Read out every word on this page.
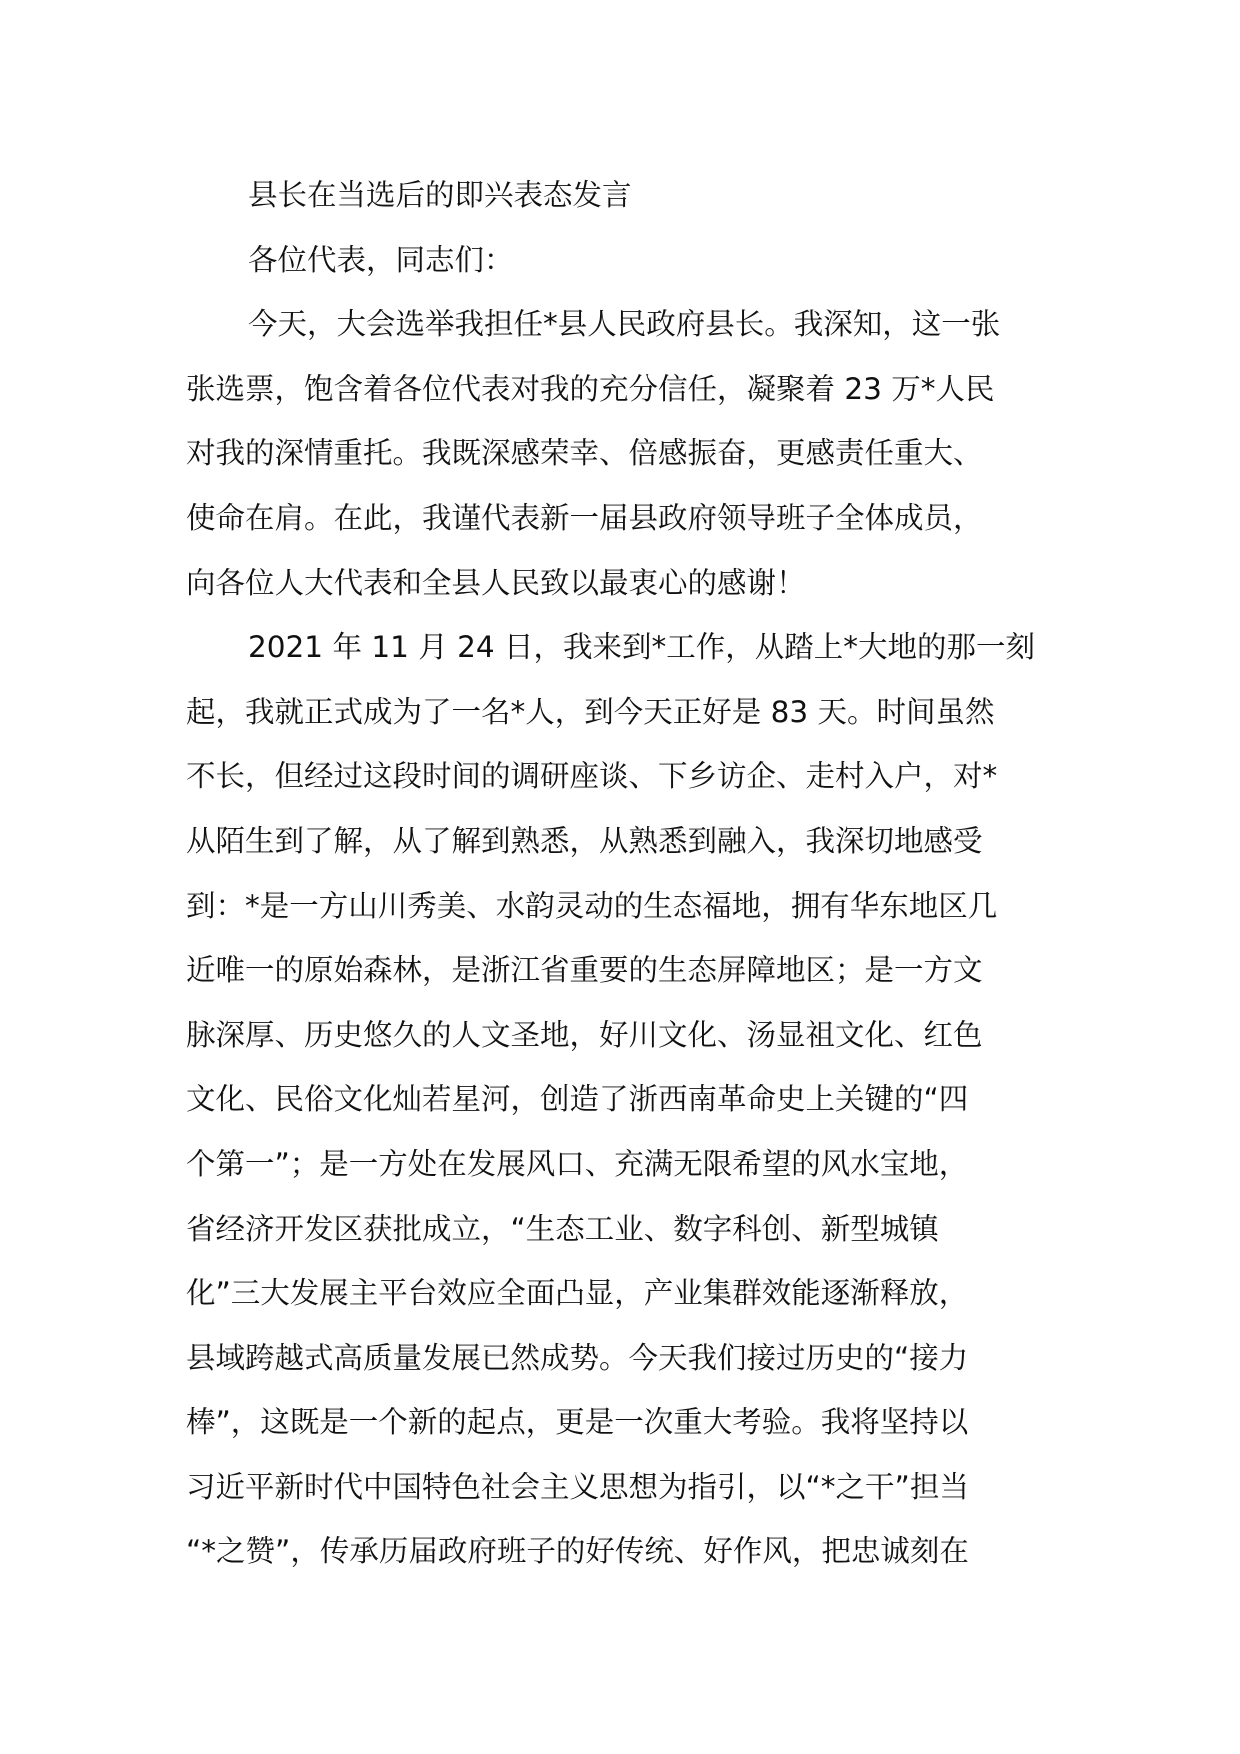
县长在当选后的即兴表态发言
各位代表，同志们：
今天，大会选举我担任*县人民政府县长。我深知，这一张
张选票，饱含着各位代表对我的充分信任，凝聚着 23 万*人民
对我的深情重托。我既深感荣幸、倍感振奋，更感责任重大、
使命在肩。在此，我谨代表新一届县政府领导班子全体成员，
向各位人大代表和全县人民致以最衷心的感谢！
2021 年 11 月 24 日，我来到*工作，从踏上*大地的那一刻
起，我就正式成为了一名*人，到今天正好是 83 天。时间虽然
不长，但经过这段时间的调研座谈、下乡访企、走村入户，对*
从陌生到了解，从了解到熟悉，从熟悉到融入，我深切地感受
到：*是一方山川秀美、水韵灵动的生态福地，拥有华东地区几
近唯一的原始森林，是浙江省重要的生态屏障地区；是一方文
脉深厚、历史悠久的人文圣地，好川文化、汤显祖文化、红色
文化、民俗文化灿若星河，创造了浙西南革命史上关键的“四
个第一”；是一方处在发展风口、充满无限希望的风水宝地，
省经济开发区获批成立，“生态工业、数字科创、新型城镇
化”三大发展主平台效应全面凸显，产业集群效能逐渐释放，
县域跨越式高质量发展已然成势。今天我们接过历史的“接力
棒”，这既是一个新的起点，更是一次重大考验。我将坚持以
习近平新时代中国特色社会主义思想为指引，以“*之干”担当
“*之赞”，传承历届政府班子的好传统、好作风，把忠诚刻在
